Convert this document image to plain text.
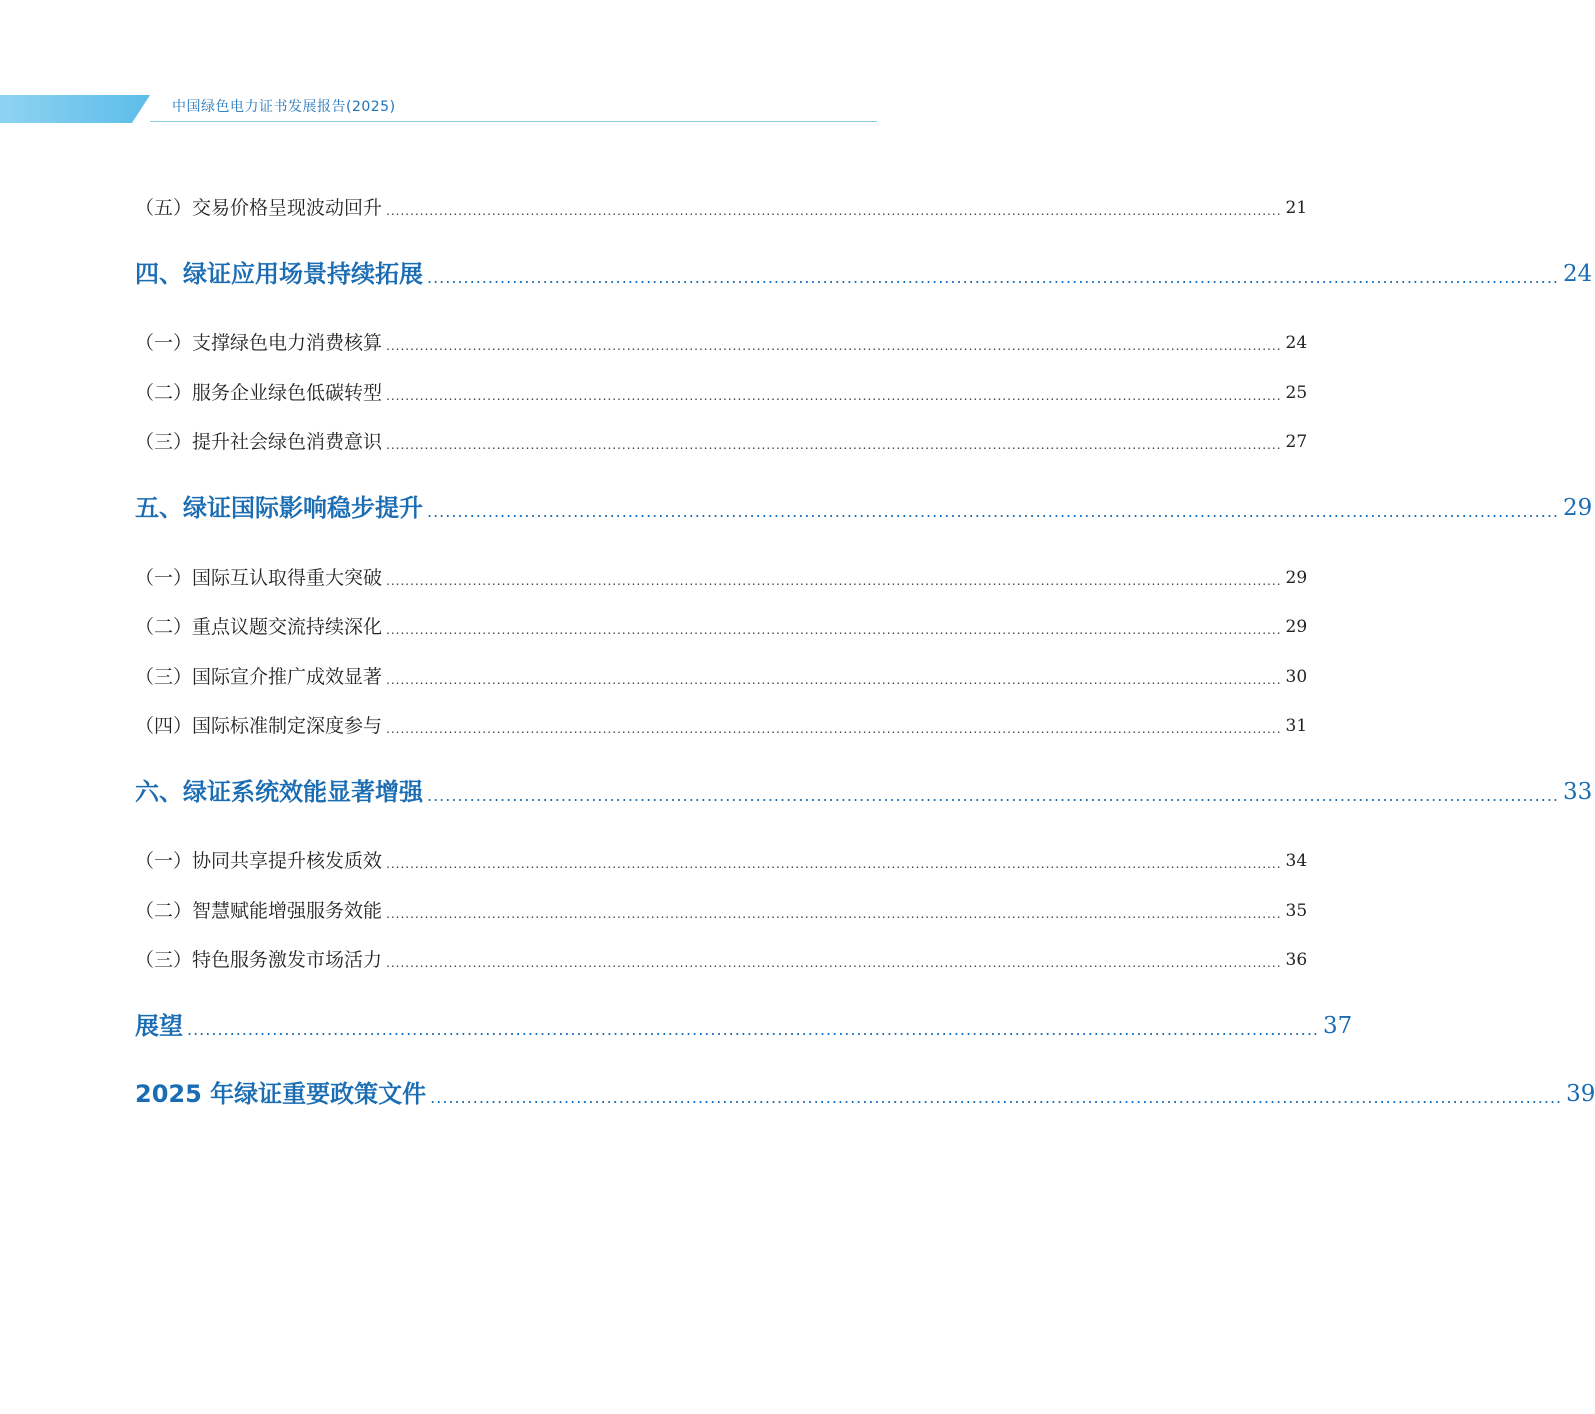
中国绿色电力证书发展报告(2025)
（五）交易价格呈现波动回升 .......................................................................................................................................................................................... 21
四、绿证应用场景持续拓展 .......................................................................................................................................................................................... 24
（一）支撑绿色电力消费核算 .......................................................................................................................................................................................... 24
（二）服务企业绿色低碳转型 .......................................................................................................................................................................................... 25
（三）提升社会绿色消费意识 .......................................................................................................................................................................................... 27
五、绿证国际影响稳步提升 .......................................................................................................................................................................................... 29
（一）国际互认取得重大突破 .......................................................................................................................................................................................... 29
（二）重点议题交流持续深化 .......................................................................................................................................................................................... 29
（三）国际宣介推广成效显著 .......................................................................................................................................................................................... 30
（四）国际标准制定深度参与 .......................................................................................................................................................................................... 31
六、绿证系统效能显著增强 .......................................................................................................................................................................................... 33
（一）协同共享提升核发质效 .......................................................................................................................................................................................... 34
（二）智慧赋能增强服务效能 .......................................................................................................................................................................................... 35
（三）特色服务激发市场活力 .......................................................................................................................................................................................... 36
展望 .......................................................................................................................................................................................... 37
2025 年绿证重要政策文件 .......................................................................................................................................................................................... 39
